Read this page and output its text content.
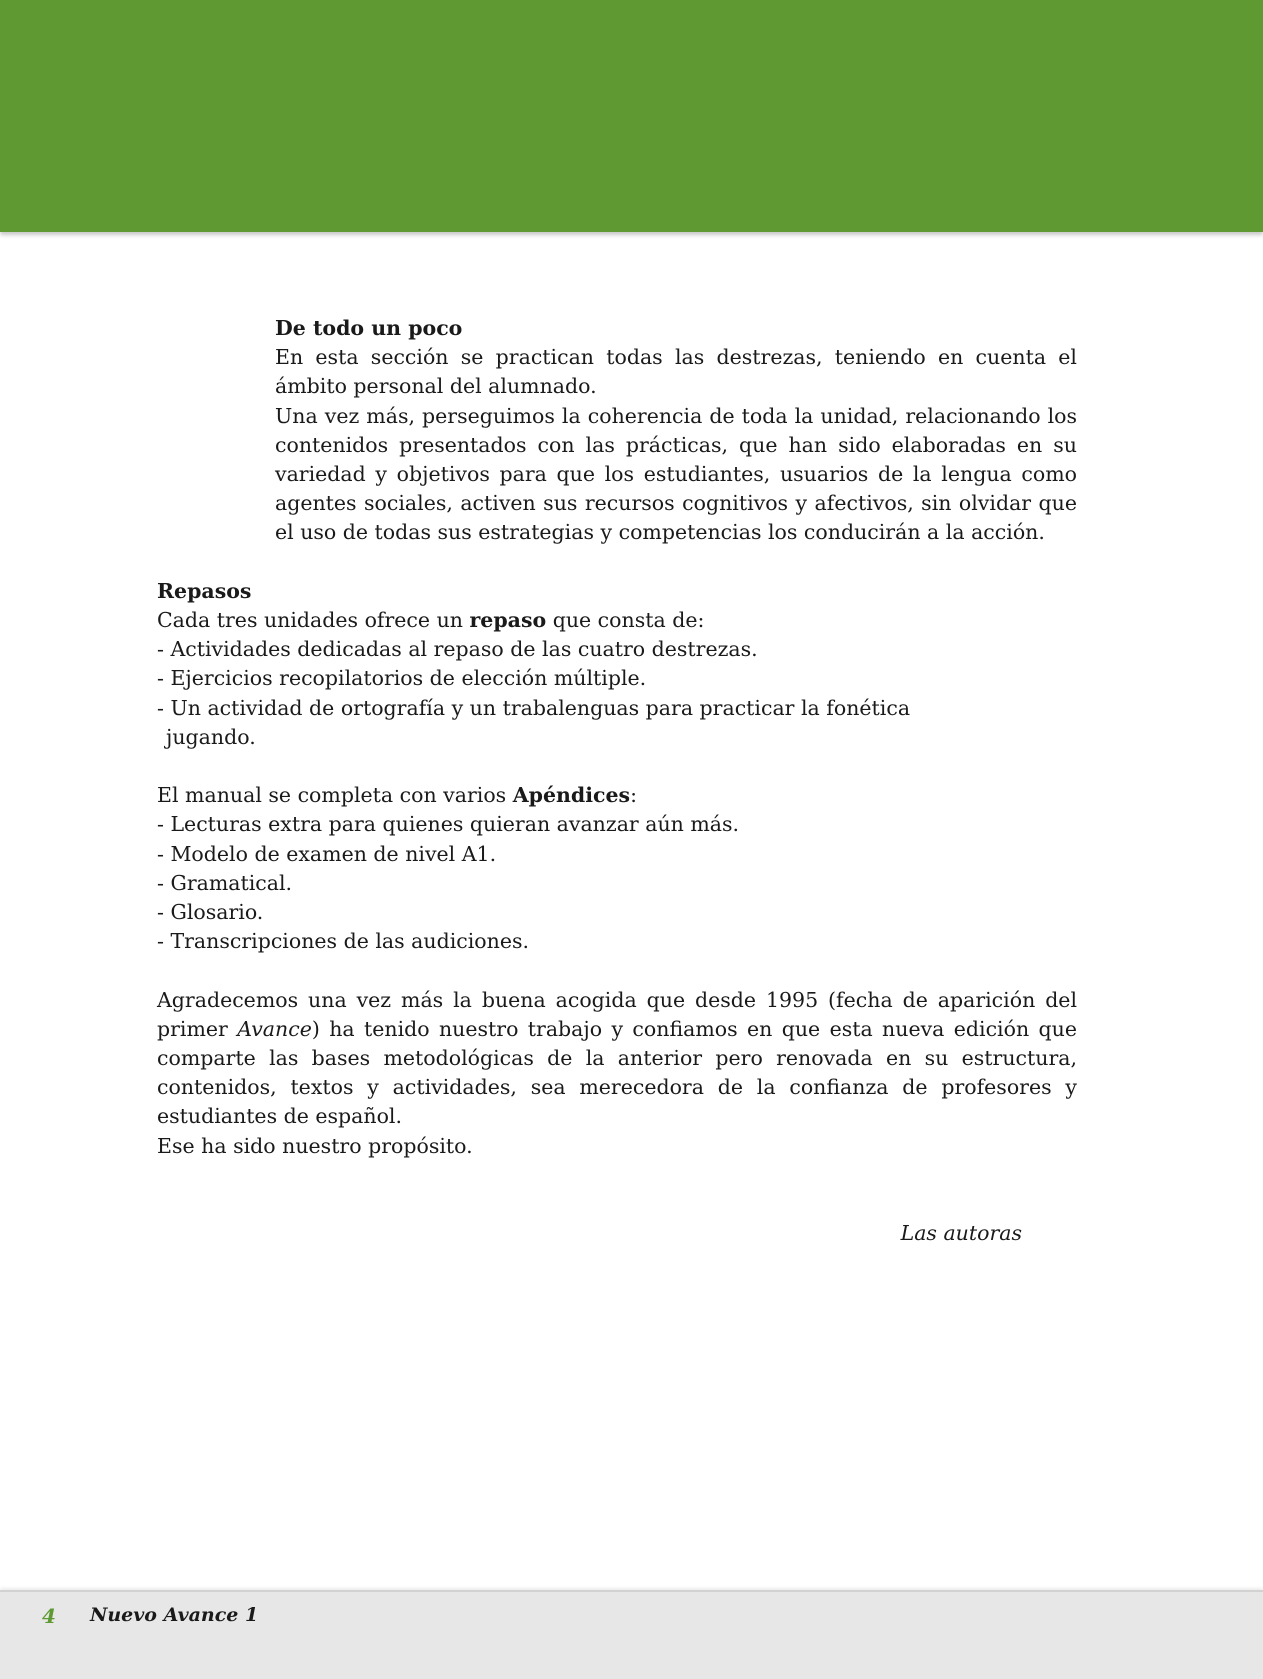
De todo un poco

En esta sección se practican todas las destrezas, teniendo en cuenta el ámbito personal del alumnado.

Una vez más, perseguimos la coherencia de toda la unidad, relacionando los contenidos presentados con las prácticas, que han sido elaboradas en su variedad y objetivos para que los estudiantes, usuarios de la lengua como agentes sociales, activen sus recursos cognitivos y afectivos, sin olvidar que el uso de todas sus estrategias y competencias los conducirán a la acción.

Repasos

Cada tres unidades ofrece un repaso que consta de:

- Actividades dedicadas al repaso de las cuatro destrezas.

- Ejercicios recopilatorios de elección múltiple.

- Un actividad de ortografía y un trabalenguas para practicar la fonética

jugando.

El manual se completa con varios Apéndices:

- Lecturas extra para quienes quieran avanzar aún más.

- Modelo de examen de nivel A1.

- Gramatical.

- Glosario.

- Transcripciones de las audiciones.

Agradecemos una vez más la buena acogida que desde 1995 (fecha de aparición del primer Avance) ha tenido nuestro trabajo y confiamos en que esta nueva edición que comparte las bases metodológicas de la anterior pero renovada en su estructura, contenidos, textos y actividades, sea merecedora de la confianza de profesores y estudiantes de español.

Ese ha sido nuestro propósito.

Las autoras

4 Nuevo Avance 1
